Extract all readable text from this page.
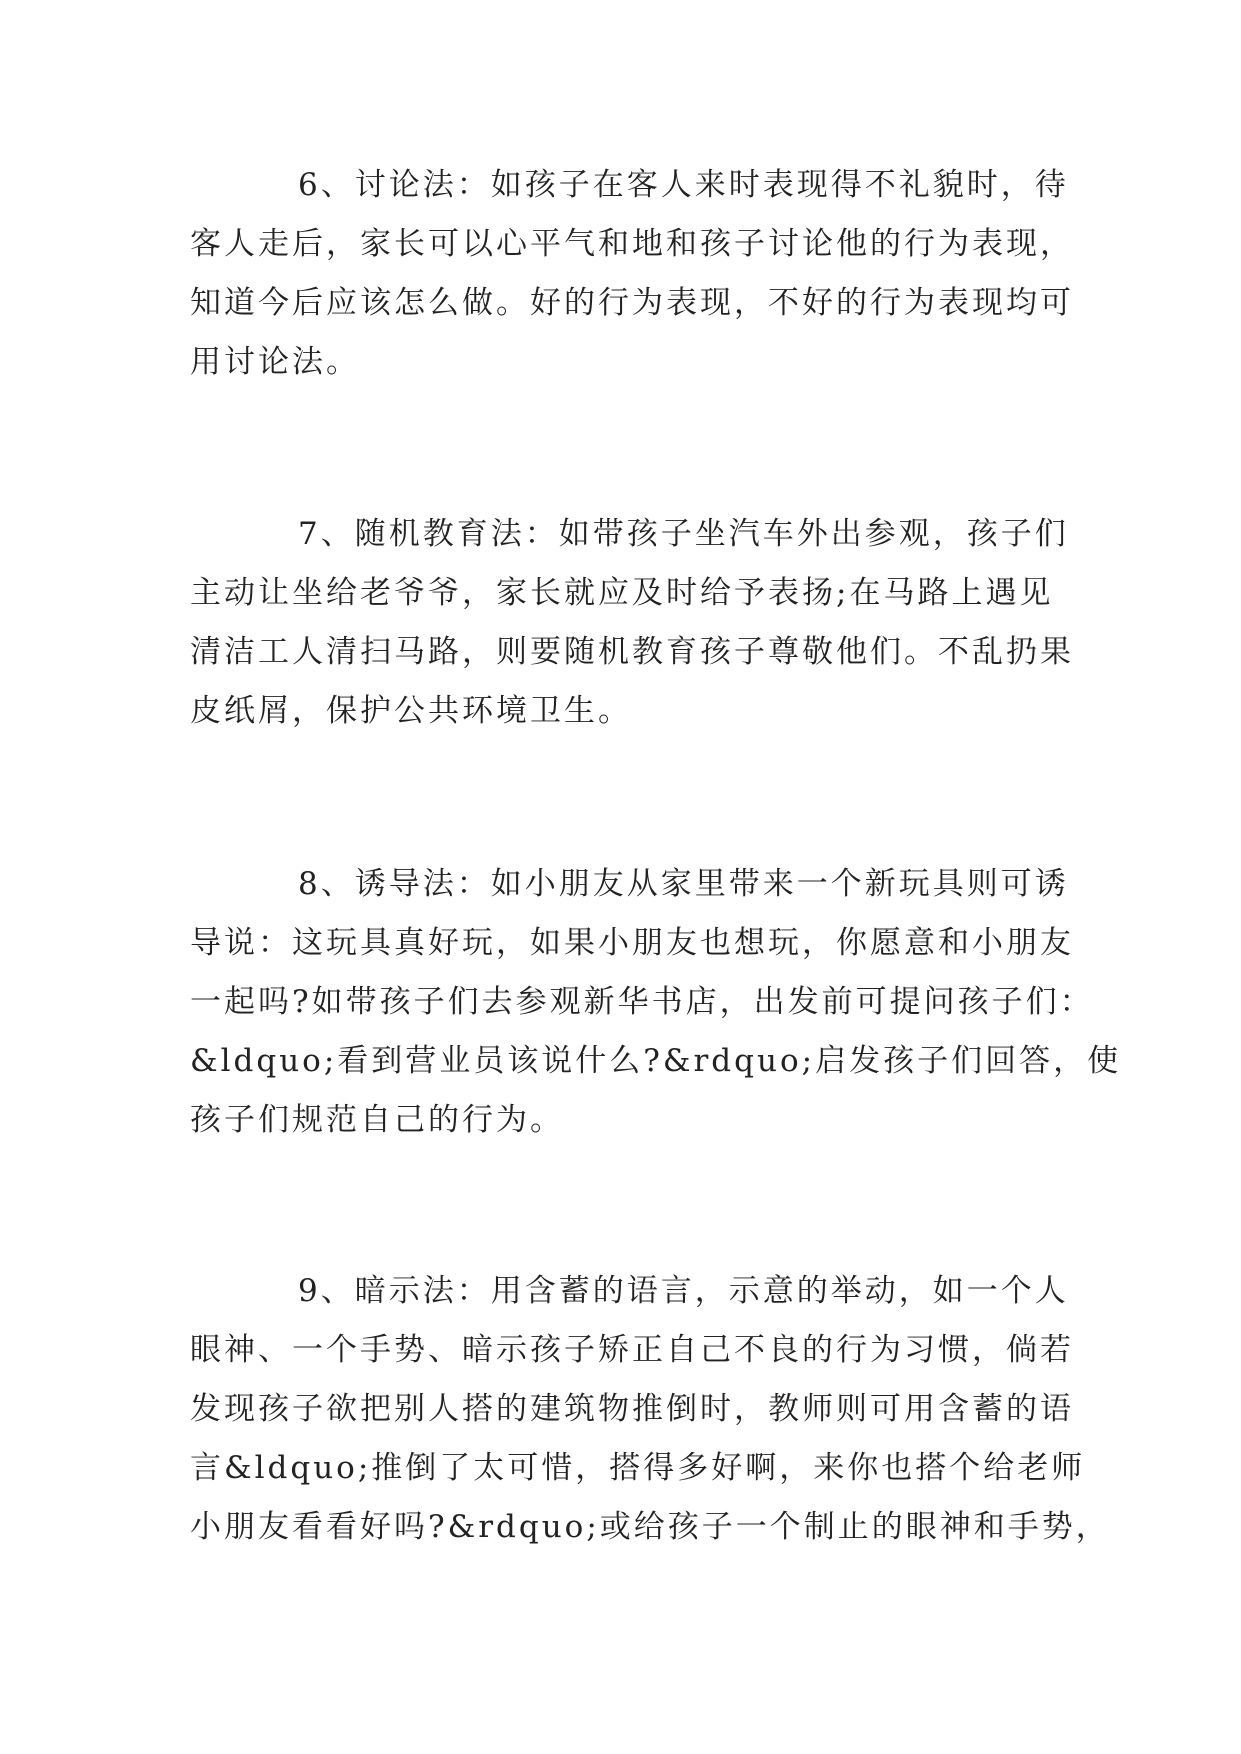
6、讨论法：如孩子在客人来时表现得不礼貌时，待
客人走后，家长可以心平气和地和孩子讨论他的行为表现，
知道今后应该怎么做。好的行为表现，不好的行为表现均可
用讨论法。
7、随机教育法：如带孩子坐汽车外出参观，孩子们
主动让坐给老爷爷，家长就应及时给予表扬;在马路上遇见
清洁工人清扫马路，则要随机教育孩子尊敬他们。不乱扔果
皮纸屑，保护公共环境卫生。
8、诱导法：如小朋友从家里带来一个新玩具则可诱
导说：这玩具真好玩，如果小朋友也想玩，你愿意和小朋友
一起吗?如带孩子们去参观新华书店，出发前可提问孩子们：
&ldquo;看到营业员该说什么?&rdquo;启发孩子们回答，使
孩子们规范自己的行为。
9、暗示法：用含蓄的语言，示意的举动，如一个人
眼神、一个手势、暗示孩子矫正自己不良的行为习惯，倘若
发现孩子欲把别人搭的建筑物推倒时，教师则可用含蓄的语
言&ldquo;推倒了太可惜，搭得多好啊，来你也搭个给老师
小朋友看看好吗?&rdquo;或给孩子一个制止的眼神和手势，
